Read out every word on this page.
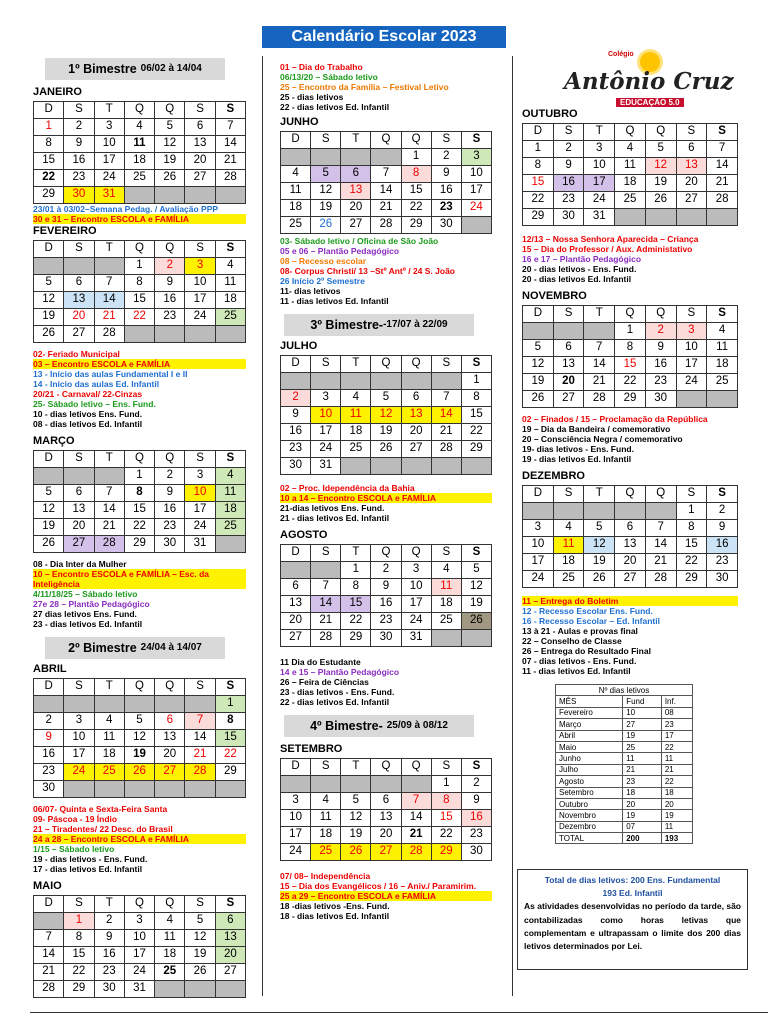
Calendário Escolar 2023
Colégio
Antônio Cruz
EDUCAÇÃO 5.0
1º Bimestre 06/02 à 14/04
JANEIRO
D	S	T	Q	Q	S	S
1	2	3	4	5	6	7
8	9	10	11	12	13	14
15	16	17	18	19	20	21
22	23	24	25	26	27	28
29	30	31				
23/01 à 03/02–Semana Pedag. / Avaliação PPP
30 e 31 – Encontro ESCOLA e FAMÍLIA
FEVEREIRO
D	S	T	Q	Q	S	S
			1	2	3	4
5	6	7	8	9	10	11
12	13	14	15	16	17	18
19	20	21	22	23	24	25
26	27	28				
02- Feriado Municipal
03 – Encontro ESCOLA e FAMÍLIA
13 - Início das aulas Fundamental I e II
14 - Início das aulas Ed. Infantil
20/21 - Carnaval/ 22-Cinzas
25- Sábado letivo – Ens. Fund.
10 - dias letivos Ens. Fund.
08 - dias letivos Ed. Infantil
MARÇO
D	S	T	Q	Q	S	S
			1	2	3	4
5	6	7	8	9	10	11
12	13	14	15	16	17	18
19	20	21	22	23	24	25
26	27	28	29	30	31	
08 - Dia Inter da Mulher
10 – Encontro ESCOLA e FAMÍLIA – Esc. da Inteligência
4/11/18/25 – Sábado letivo
27e 28 – Plantão Pedagógico
27 dias letivos Ens. Fund.
23 - dias letivos Ed. Infantil
2º Bimestre 24/04 à 14/07
ABRIL
D	S	T	Q	Q	S	S
						1
2	3	4	5	6	7	8
9	10	11	12	13	14	15
16	17	18	19	20	21	22
23	24	25	26	27	28	29
30						
06/07- Quinta e Sexta-Feira Santa
09- Páscoa - 19 Índio
21 – Tiradentes/ 22 Desc. do Brasil
24 a 28 – Encontro ESCOLA e FAMÍLIA
1/15 – Sábado letivo
19 - dias letivos - Ens. Fund.
17 - dias letivos Ed. Infantil
MAIO
D	S	T	Q	Q	S	S
	1	2	3	4	5	6
7	8	9	10	11	12	13
14	15	16	17	18	19	20
21	22	23	24	25	26	27
28	29	30	31			
01 – Dia do Trabalho
06/13/20 – Sábado letivo
25 – Encontro da Família – Festival Letivo
25 - dias letivos
22 - dias letivos Ed. Infantil
JUNHO
D	S	T	Q	Q	S	S
				1	2	3
4	5	6	7	8	9	10
11	12	13	14	15	16	17
18	19	20	21	22	23	24
25	26	27	28	29	30	
03- Sábado letivo / Oficina de São João
05 e 06 – Plantão Pedagógico
08 – Recesso escolar
08- Corpus Christi/ 13 –Stº Antº / 24 S. João
26 Início 2º Semestre
11- dias letivos
11 - dias letivos Ed. Infantil
3º Bimestre- -17/07 à 22/09
JULHO
D	S	T	Q	Q	S	S
						1
2	3	4	5	6	7	8
9	10	11	12	13	14	15
16	17	18	19	20	21	22
23	24	25	26	27	28	29
30	31					
02 – Proc. Idependência da Bahia
10 a 14 – Encontro ESCOLA e FAMÍLIA
21-dias letivos Ens. Fund.
21 - dias letivos Ed. Infantil
AGOSTO
D	S	T	Q	Q	S	S
		1	2	3	4	5
6	7	8	9	10	11	12
13	14	15	16	17	18	19
20	21	22	23	24	25	26
27	28	29	30	31		
11 Dia do Estudante
14 e 15 – Plantão Pedagógico
26 – Feira de Ciências
23 - dias letivos - Ens. Fund.
22 - dias letivos Ed. Infantil
4º Bimestre- 25/09 à 08/12
SETEMBRO
D	S	T	Q	Q	S	S
					1	2
3	4	5	6	7	8	9
10	11	12	13	14	15	16
17	18	19	20	21	22	23
24	25	26	27	28	29	30
07/ 08– Independência
15 – Dia dos Evangélicos / 16 – Aniv./ Paramirim.
25 a 29 – Encontro ESCOLA e FAMÍLIA
18 -dias letivos -Ens. Fund.
18 - dias letivos Ed. Infantil
OUTUBRO
D	S	T	Q	Q	S	S
1	2	3	4	5	6	7
8	9	10	11	12	13	14
15	16	17	18	19	20	21
22	23	24	25	26	27	28
29	30	31				
12/13 – Nossa Senhora Aparecida – Criança
15 – Dia do Professor / Aux. Administativo
16 e 17 – Plantão Pedagógico
20 - dias letivos - Ens. Fund.
20 - dias letivos Ed. Infantil
NOVEMBRO
D	S	T	Q	Q	S	S
			1	2	3	4
5	6	7	8	9	10	11
12	13	14	15	16	17	18
19	20	21	22	23	24	25
26	27	28	29	30		
02 – Finados / 15 – Proclamação da República
19 – Dia da Bandeira / comemorativo
20 – Consciência Negra / comemorativo
19- dias letivos - Ens. Fund.
19 - dias letivos Ed. Infantil
DEZEMBRO
D	S	T	Q	Q	S	S
					1	2
3	4	5	6	7	8	9
10	11	12	13	14	15	16
17	18	19	20	21	22	23
24	25	26	27	28	29	30
11 – Entrega do Boletim
12 - Recesso Escolar Ens. Fund.
16 - Recesso Escolar – Ed. Infantil
13 à 21 - Aulas e provas final
22 – Conselho de Classe
26 – Entrega do Resultado Final
07 - dias letivos - Ens. Fund.
11 - dias letivos Ed. Infantil
Nº dias letivos		
MÊS	Fund	Inf.
Fevereiro	10	08
Março	27	23
Abril	19	17
Maio	25	22
Junho	11	11
Julho	21	21
Agosto	23	22
Setembro	18	18
Outubro	20	20
Novembro	19	19
Dezembro	07	11
TOTAL	200	193
Total de dias letivos: 200 Ens. Fundamental
193 Ed. Infantil
As atividades desenvolvidas no período da tarde, são contabilizadas como horas letivas que complementam e ultrapassam o limite dos 200 dias letivos determinados por Lei.
